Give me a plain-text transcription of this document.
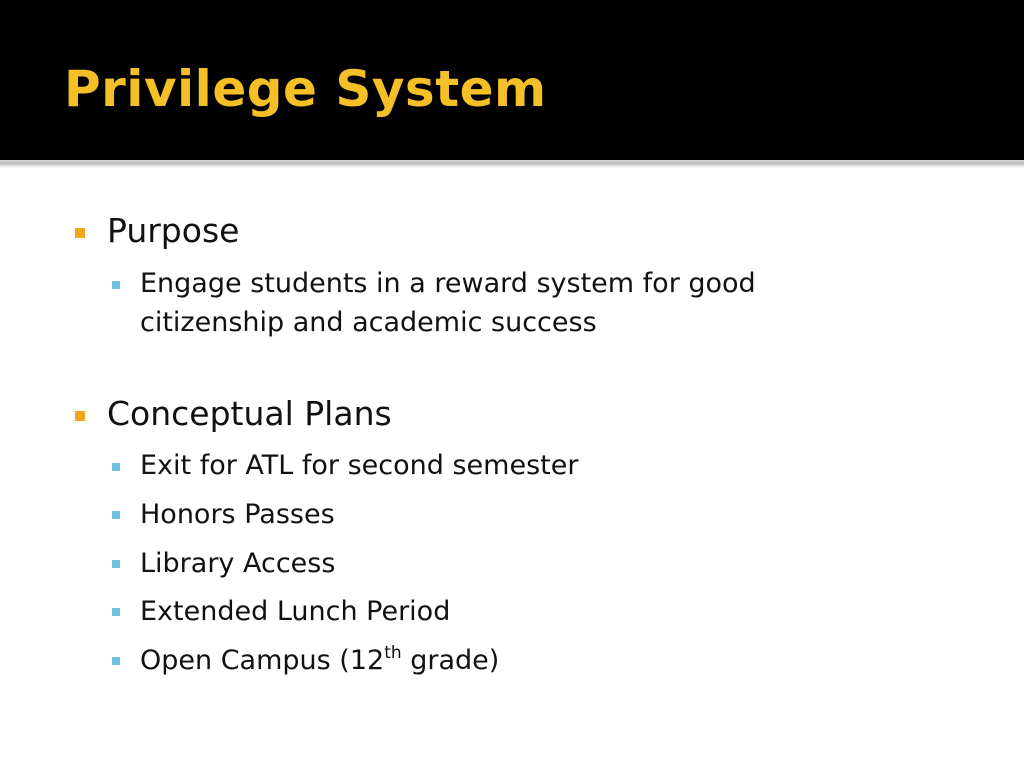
Privilege System
Purpose
Engage students in a reward system for good citizenship and academic success
Conceptual Plans
Exit for ATL for second semester
Honors Passes
Library Access
Extended Lunch Period
Open Campus (12th grade)
